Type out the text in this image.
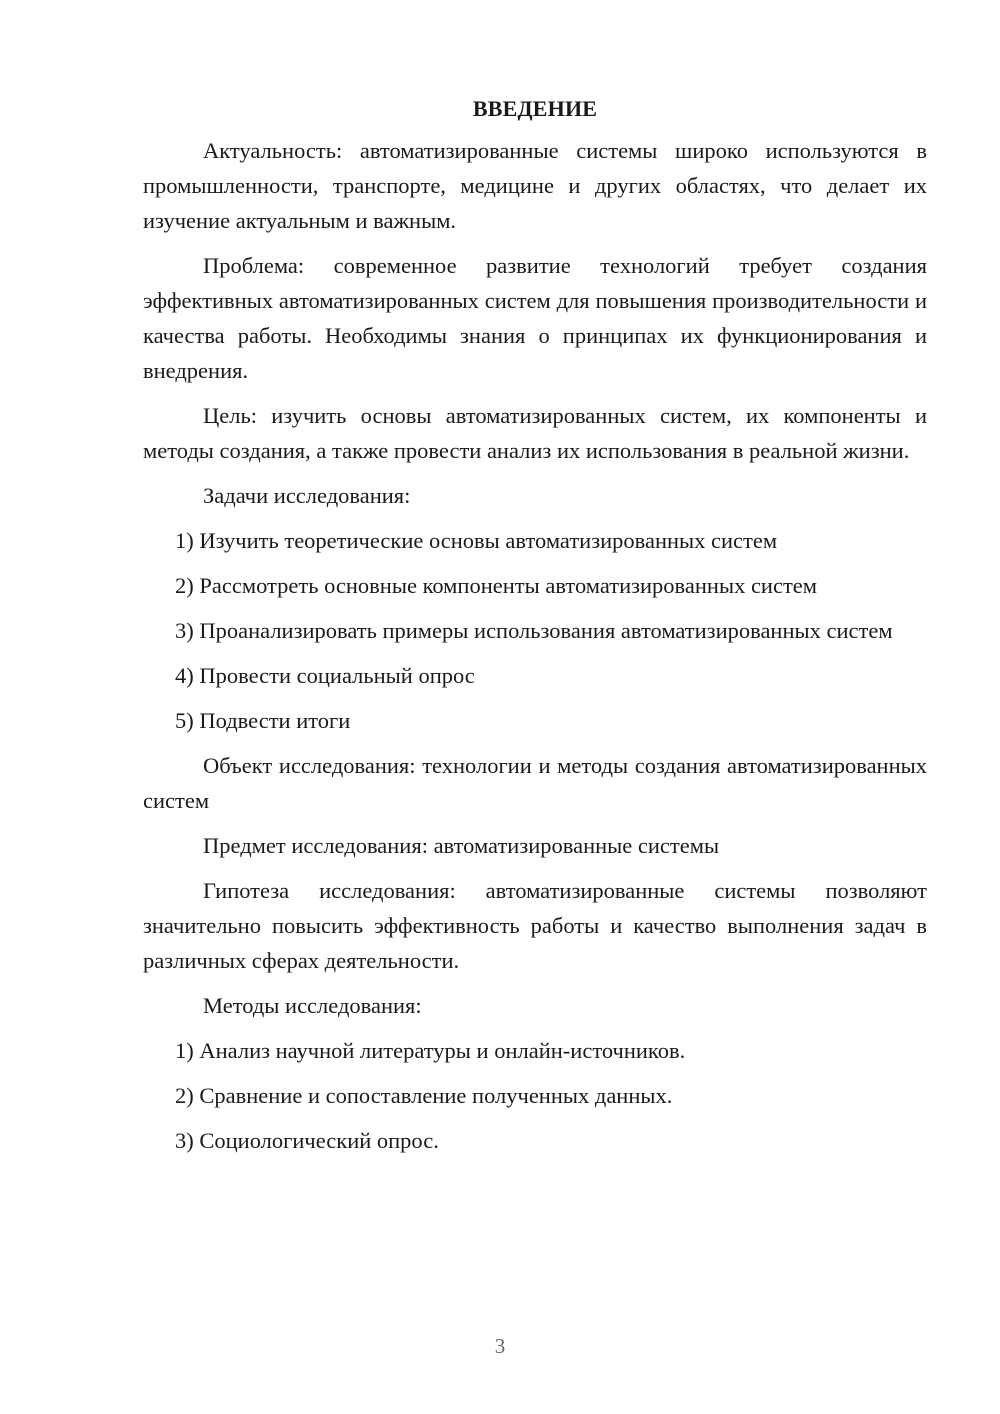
ВВЕДЕНИЕ

Актуальность: автоматизированные системы широко используются в промышленности, транспорте, медицине и других областях, что делает их изучение актуальным и важным.

Проблема: современное развитие технологий требует создания эффективных автоматизированных систем для повышения производительности и качества работы. Необходимы знания о принципах их функционирования и внедрения.

Цель: изучить основы автоматизированных систем, их компоненты и методы создания, а также провести анализ их использования в реальной жизни.

Задачи исследования:

1) Изучить теоретические основы автоматизированных систем

2) Рассмотреть основные компоненты автоматизированных систем

3) Проанализировать примеры использования автоматизированных систем

4) Провести социальный опрос

5) Подвести итоги

Объект исследования: технологии и методы создания автоматизированных систем

Предмет исследования: автоматизированные системы

Гипотеза исследования: автоматизированные системы позволяют значительно повысить эффективность работы и качество выполнения задач в различных сферах деятельности.

Методы исследования:

1) Анализ научной литературы и онлайн-источников.

2) Сравнение и сопоставление полученных данных.

3) Социологический опрос.

3
